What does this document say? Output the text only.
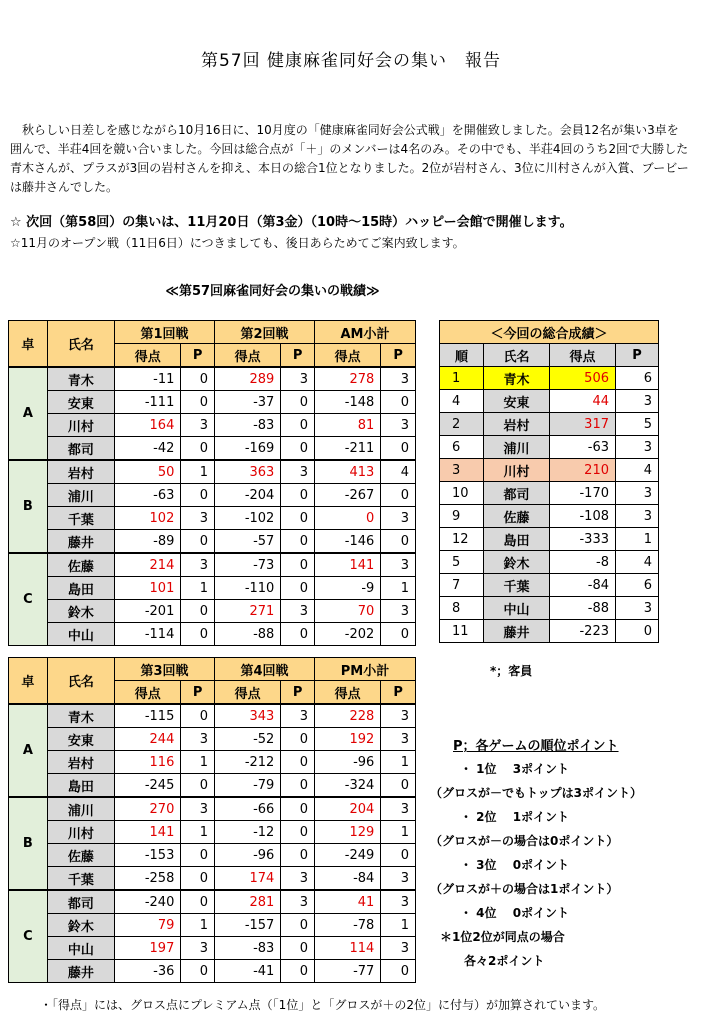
第57回 健康麻雀同好会の集い　報告
　秋らしい日差しを感じながら10月16日に、10月度の「健康麻雀同好会公式戦」を開催致しました。会員12名が集い3卓を囲んで、半荘4回を競い合いました。今回は総合点が「＋」のメンバーは4名のみ。その中でも、半荘4回のうち2回で大勝した青木さんが、プラスが3回の岩村さんを抑え、本日の総合1位となりました。2位が岩村さん、3位に川村さんが入賞、ブービーは藤井さんでした。
☆ 次回（第58回）の集いは、11月20日（第3金）（10時～15時）ハッピー会館で開催します。
☆11月のオープン戦（11日6日）につきましても、後日あらためてご案内致します。
≪第57回麻雀同好会の集いの戦績≫
卓	氏名	第1回戦		第2回戦		AM小計	
		得点	P	得点	P	得点	P
A	青木	-11	0	289	3	278	3
	安東	-111	0	-37	0	-148	0
	川村	164	3	-83	0	81	3
	都司	-42	0	-169	0	-211	0
B	岩村	50	1	363	3	413	4
	浦川	-63	0	-204	0	-267	0
	千葉	102	3	-102	0	0	3
	藤井	-89	0	-57	0	-146	0
C	佐藤	214	3	-73	0	141	3
	島田	101	1	-110	0	-9	1
	鈴木	-201	0	271	3	70	3
	中山	-114	0	-88	0	-202	0
卓	氏名	第3回戦		第4回戦		PM小計	
		得点	P	得点	P	得点	P
A	青木	-115	0	343	3	228	3
	安東	244	3	-52	0	192	3
	岩村	116	1	-212	0	-96	1
	島田	-245	0	-79	0	-324	0
B	浦川	270	3	-66	0	204	3
	川村	141	1	-12	0	129	1
	佐藤	-153	0	-96	0	-249	0
	千葉	-258	0	174	3	-84	3
C	都司	-240	0	281	3	41	3
	鈴木	79	1	-157	0	-78	1
	中山	197	3	-83	0	114	3
	藤井	-36	0	-41	0	-77	0
＜今回の総合成績＞			
順	氏名	得点	P
1	青木	506	6
4	安東	44	3
2	岩村	317	5
6	浦川	-63	3
3	川村	210	4
10	都司	-170	3
9	佐藤	-108	3
12	島田	-333	1
5	鈴木	-8	4
7	千葉	-84	6
8	中山	-88	3
11	藤井	-223	0
*；客員
P；各ゲームの順位ポイント
・ 1位　 3ポイント
（グロスが－でもトップは3ポイント）
・ 2位　 1ポイント
（グロスが－の場合は0ポイント）
・ 3位　 0ポイント
（グロスが＋の場合は1ポイント）
・ 4位　 0ポイント
＊1位2位が同点の場合
各々2ポイント
・「得点」には、グロス点にプレミアム点（「1位」と「グロスが＋の2位」に付与）が加算されています。
